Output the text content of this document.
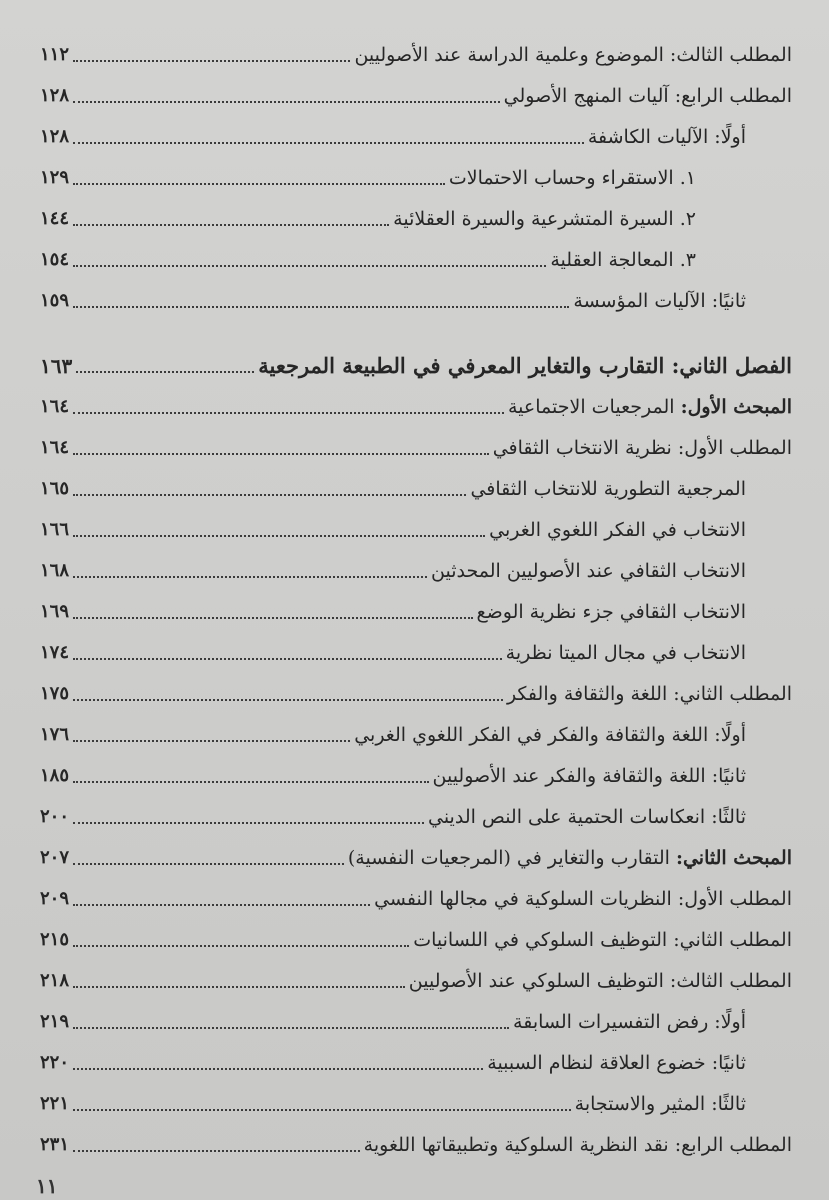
المطلب الثالث: الموضوع وعلمية الدراسة عند الأصوليين
١١٢
المطلب الرابع: آليات المنهج الأصولي
١٢٨
أولًا: الآليات الكاشفة
١٢٨
١. الاستقراء وحساب الاحتمالات
١٢٩
٢. السيرة المتشرعية والسيرة العقلائية
١٤٤
٣. المعالجة العقلية
١٥٤
ثانيًا: الآليات المؤسسة
١٥٩
الفصل الثاني: التقارب والتغاير المعرفي في الطبيعة المرجعية
١٦٣
المبحث الأول: المرجعيات الاجتماعية
١٦٤
المطلب الأول: نظرية الانتخاب الثقافي
١٦٤
المرجعية التطورية للانتخاب الثقافي
١٦٥
الانتخاب في الفكر اللغوي الغربي
١٦٦
الانتخاب الثقافي عند الأصوليين المحدثين
١٦٨
الانتخاب الثقافي جزء نظرية الوضع
١٦٩
الانتخاب في مجال الميتا نظرية
١٧٤
المطلب الثاني: اللغة والثقافة والفكر
١٧٥
أولًا: اللغة والثقافة والفكر في الفكر اللغوي الغربي
١٧٦
ثانيًا: اللغة والثقافة والفكر عند الأصوليين
١٨٥
ثالثًا: انعكاسات الحتمية على النص الديني
٢٠٠
المبحث الثاني: التقارب والتغاير في (المرجعيات النفسية)
٢٠٧
المطلب الأول: النظريات السلوكية في مجالها النفسي
٢٠٩
المطلب الثاني: التوظيف السلوكي في اللسانيات
٢١٥
المطلب الثالث: التوظيف السلوكي عند الأصوليين
٢١٨
أولًا: رفض التفسيرات السابقة
٢١٩
ثانيًا: خضوع العلاقة لنظام السببية
٢٢٠
ثالثًا: المثير والاستجابة
٢٢١
المطلب الرابع: نقد النظرية السلوكية وتطبيقاتها اللغوية
٢٣١
١١
